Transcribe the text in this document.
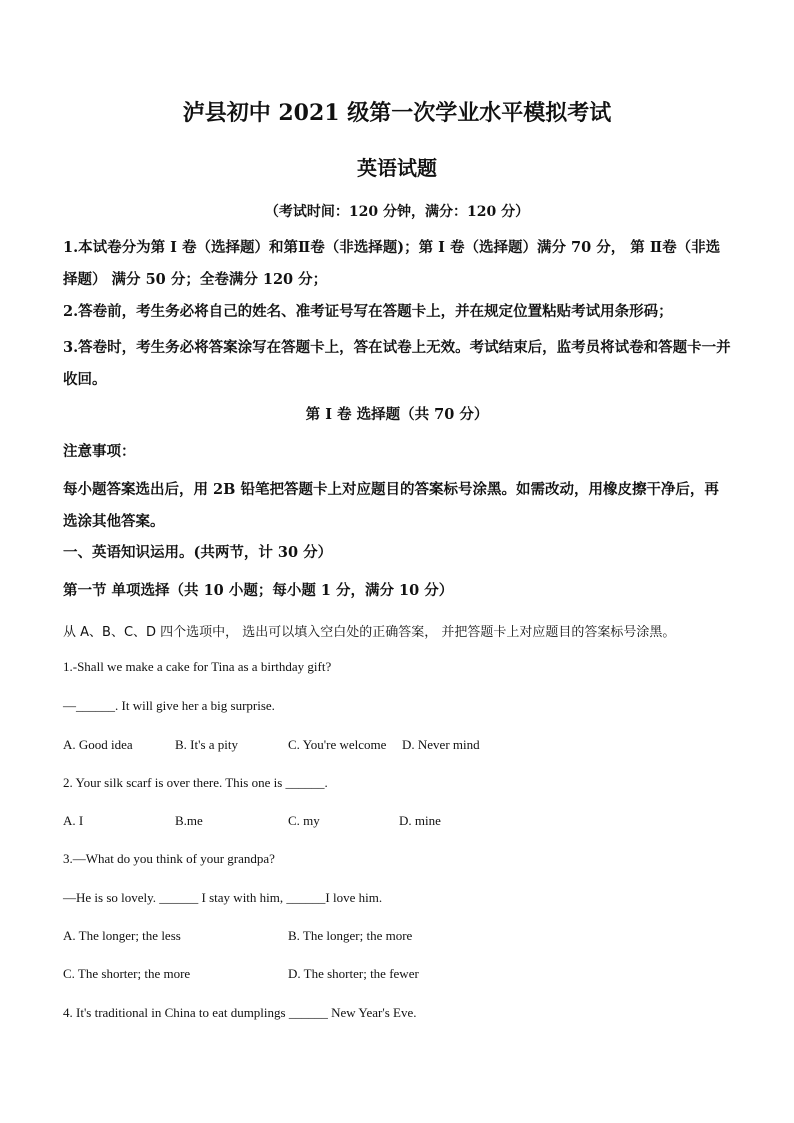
泸县初中 2021 级第一次学业水平模拟考试
英语试题
（考试时间：120 分钟，满分：120 分）

1.本试卷分为第 I 卷（选择题）和第Ⅱ卷（非选择题)；第 I 卷（选择题）满分 70 分， 第 Ⅱ卷（非选择题） 满分 50 分；全卷满分 120 分；

2.答卷前，考生务必将自己的姓名、准考证号写在答题卡上，并在规定位置粘贴考试用条形码；

3.答卷时，考生务必将答案涂写在答题卡上，答在试卷上无效。考试结束后，监考员将试卷和答题卡一并收回。

第 I 卷 选择题（共 70 分）

注意事项：

每小题答案选出后，用 2B 铅笔把答题卡上对应题目的答案标号涂黑。如需改动，用橡皮擦干净后，再选涂其他答案。

一、英语知识运用。(共两节，计 30 分）

第一节 单项选择（共 10 小题；每小题 1 分，满分 10 分）

从 A、B、C、D 四个选项中， 选出可以填入空白处的正确答案， 并把答题卡上对应题目的答案标号涂黑。
1.-Shall we make a cake for Tina as a birthday gift?
—______. It will give her a big surprise.
A. Good idea	B. It's a pity	C. You're welcome D. Never mind
2. Your silk scarf is over there. This one is ______.
A. I	B.me	C. my	D. mine
3.—What do you think of your grandpa?
—He is so lovely. ______ I stay with him, ______I love him.
A. The longer; the less	B. The longer; the more
C. The shorter; the more	D. The shorter; the fewer
4. It's traditional in China to eat dumplings ______ New Year's Eve.
